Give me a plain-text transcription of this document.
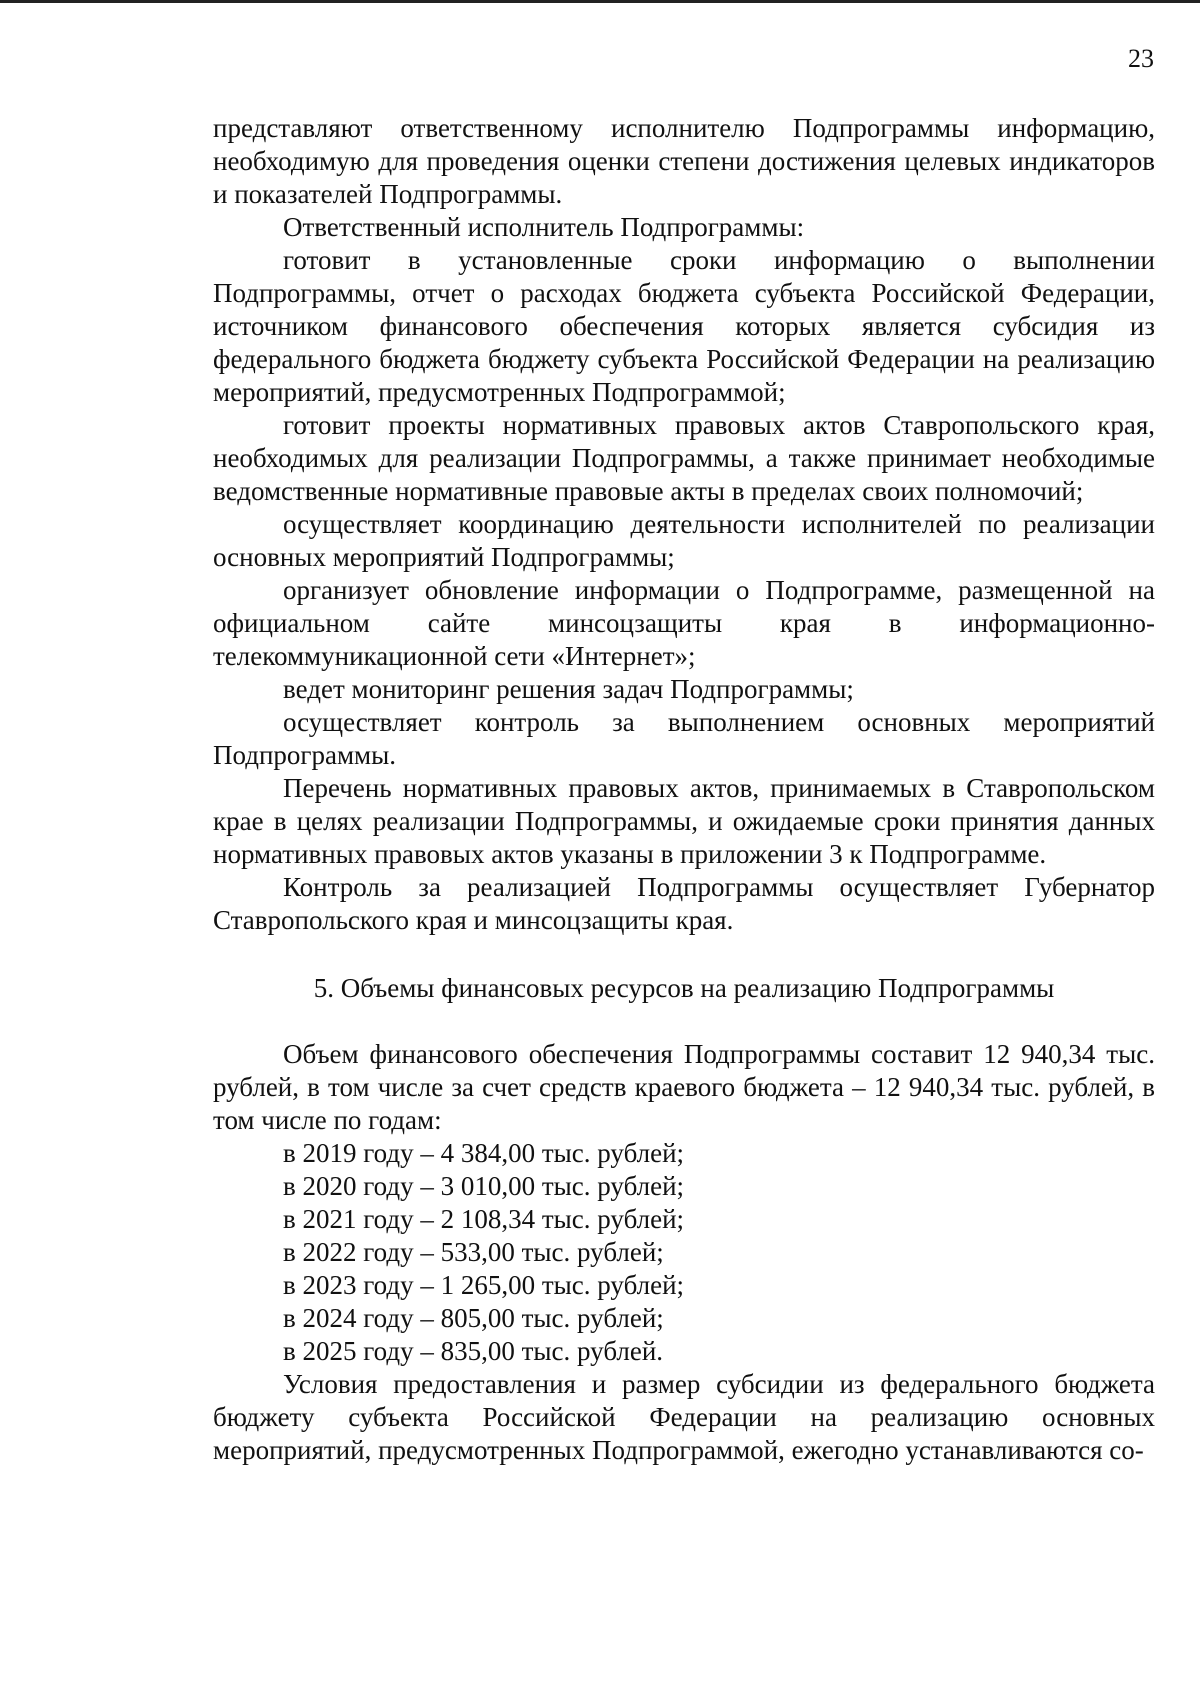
23

представляют ответственному исполнителю Подпрограммы информацию, необходимую для проведения оценки степени достижения целевых индикаторов и показателей Подпрограммы.

Ответственный исполнитель Подпрограммы:

готовит в установленные сроки информацию о выполнении Подпрограммы, отчет о расходах бюджета субъекта Российской Федерации, источником финансового обеспечения которых является субсидия из федерального бюджета бюджету субъекта Российской Федерации на реализацию мероприятий, предусмотренных Подпрограммой;

готовит проекты нормативных правовых актов Ставропольского края, необходимых для реализации Подпрограммы, а также принимает необходимые ведомственные нормативные правовые акты в пределах своих полномочий;

осуществляет координацию деятельности исполнителей по реализации основных мероприятий Подпрограммы;

организует обновление информации о Подпрограмме, размещенной на официальном сайте минсоцзащиты края в информационно-телекоммуникационной сети «Интернет»;

ведет мониторинг решения задач Подпрограммы;

осуществляет контроль за выполнением основных мероприятий Подпрограммы.

Перечень нормативных правовых актов, принимаемых в Ставропольском крае в целях реализации Подпрограммы, и ожидаемые сроки принятия данных нормативных правовых актов указаны в приложении 3 к Подпрограмме.

Контроль за реализацией Подпрограммы осуществляет Губернатор Ставропольского края и минсоцзащиты края.

5. Объемы финансовых ресурсов на реализацию Подпрограммы

Объем финансового обеспечения Подпрограммы составит 12 940,34 тыс. рублей, в том числе за счет средств краевого бюджета – 12 940,34 тыс. рублей, в том числе по годам:

в 2019 году – 4 384,00 тыс. рублей;
в 2020 году – 3 010,00 тыс. рублей;
в 2021 году – 2 108,34 тыс. рублей;
в 2022 году – 533,00 тыс. рублей;
в 2023 году – 1 265,00 тыс. рублей;
в 2024 году – 805,00 тыс. рублей;
в 2025 году – 835,00 тыс. рублей.

Условия предоставления и размер субсидии из федерального бюджета бюджету субъекта Российской Федерации на реализацию основных мероприятий, предусмотренных Подпрограммой, ежегодно устанавливаются со-
